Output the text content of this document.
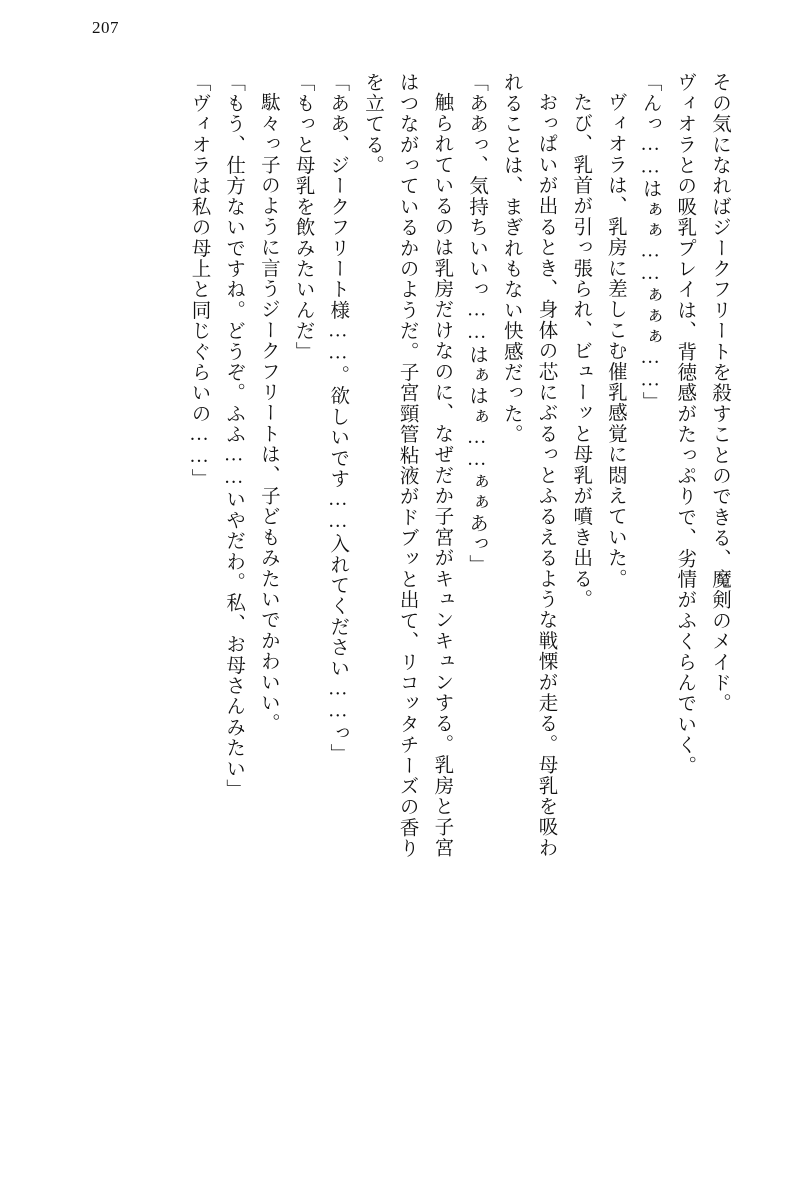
207

その気になればジークフリートを殺すことのできる、魔剣のメイド。

ヴィオラとの吸乳プレイは、背徳感がたっぷりで、劣情がふくらんでいく。

「んっ……はぁぁ……ぁぁぁ……」

ヴィオラは、乳房に差しこむ催乳感覚に悶えていた。

たび、乳首が引っ張られ、ビューッと母乳が噴き出る。

おっぱいが出るとき、身体の芯にぶるっとふるえるような戦慄が走る。母乳を吸わ

れることは、まぎれもない快感だった。

「ああっ、気持ちいいっ……はぁはぁ……ぁぁあっ」

触られているのは乳房だけなのに、なぜだか子宮がキュンキュンする。乳房と子宮

はつながっているかのようだ。子宮頸管粘液がドブッと出て、リコッタチーズの香り

を立てる。

「ああ、ジークフリート様……。欲しいです……入れてください……っ」

「もっと母乳を飲みたいんだ」

駄々っ子のように言うジークフリートは、子どもみたいでかわいい。

「もう、仕方ないですね。どうぞ。ふふ……いやだわ。私、お母さんみたい」

「ヴィオラは私の母上と同じぐらいの……」
